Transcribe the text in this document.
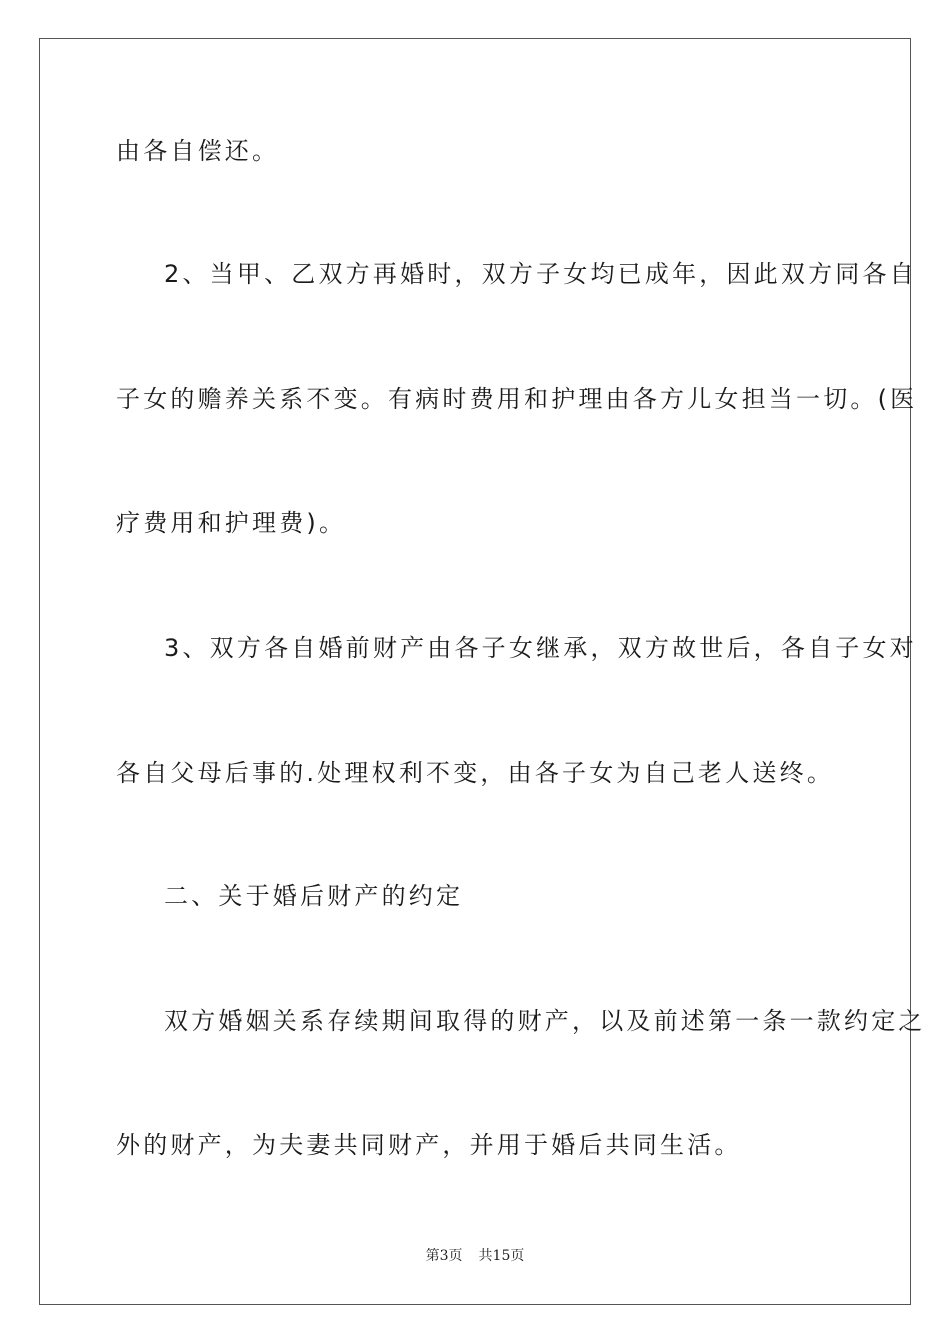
由各自偿还。
2、当甲、乙双方再婚时，双方子女均已成年，因此双方同各自
子女的赡养关系不变。有病时费用和护理由各方儿女担当一切。(医
疗费用和护理费)。
3、双方各自婚前财产由各子女继承，双方故世后，各自子女对
各自父母后事的.处理权利不变，由各子女为自己老人送终。
二、关于婚后财产的约定
双方婚姻关系存续期间取得的财产，以及前述第一条一款约定之
外的财产，为夫妻共同财产，并用于婚后共同生活。
第3页 共15页
